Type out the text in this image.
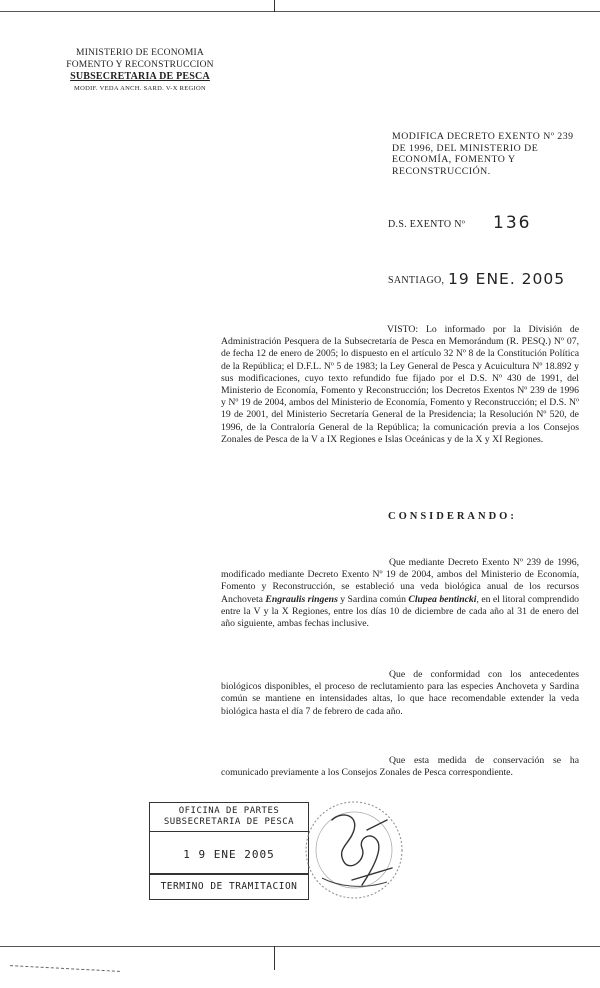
MINISTERIO DE ECONOMIA
FOMENTO Y RECONSTRUCCION
SUBSECRETARIA DE PESCA
MODIF. VEDA ANCH. SARD. V-X REGION
MODIFICA DECRETO EXENTO Nº 239
DE 1996, DEL MINISTERIO DE
ECONOMÍA, FOMENTO Y
RECONSTRUCCIÓN.
D.S. EXENTO Nº 136
SANTIAGO, 19 ENE. 2005
VISTO: Lo informado por la División de Administración Pesquera de la Subsecretaría de Pesca en Memorándum (R. PESQ.) Nº 07, de fecha 12 de enero de 2005; lo dispuesto en el artículo 32 Nº 8 de la Constitución Política de la República; el D.F.L. Nº 5 de 1983; la Ley General de Pesca y Acuicultura Nº 18.892 y sus modificaciones, cuyo texto refundido fue fijado por el D.S. Nº 430 de 1991, del Ministerio de Economía, Fomento y Reconstrucción; los Decretos Exentos Nº 239 de 1996 y Nº 19 de 2004, ambos del Ministerio de Economía, Fomento y Reconstrucción; el D.S. Nº 19 de 2001, del Ministerio Secretaría General de la Presidencia; la Resolución Nº 520, de 1996, de la Contraloría General de la República; la comunicación previa a los Consejos Zonales de Pesca de la V a IX Regiones e Islas Oceánicas y de la X y XI Regiones.
CONSIDERANDO:
Que mediante Decreto Exento Nº 239 de 1996, modificado mediante Decreto Exento Nº 19 de 2004, ambos del Ministerio de Economía, Fomento y Reconstrucción, se estableció una veda biológica anual de los recursos Anchoveta Engraulis ringens y Sardina común Clupea bentincki, en el litoral comprendido entre la V y la X Regiones, entre los días 10 de diciembre de cada año al 31 de enero del año siguiente, ambas fechas inclusive.
Que de conformidad con los antecedentes biológicos disponibles, el proceso de reclutamiento para las especies Anchoveta y Sardina común se mantiene en intensidades altas, lo que hace recomendable extender la veda biológica hasta el día 7 de febrero de cada año.
Que esta medida de conservación se ha comunicado previamente a los Consejos Zonales de Pesca correspondiente.
OFICINA DE PARTES
SUBSECRETARIA DE PESCA
1 9 ENE 2005
TERMINO DE TRAMITACION
